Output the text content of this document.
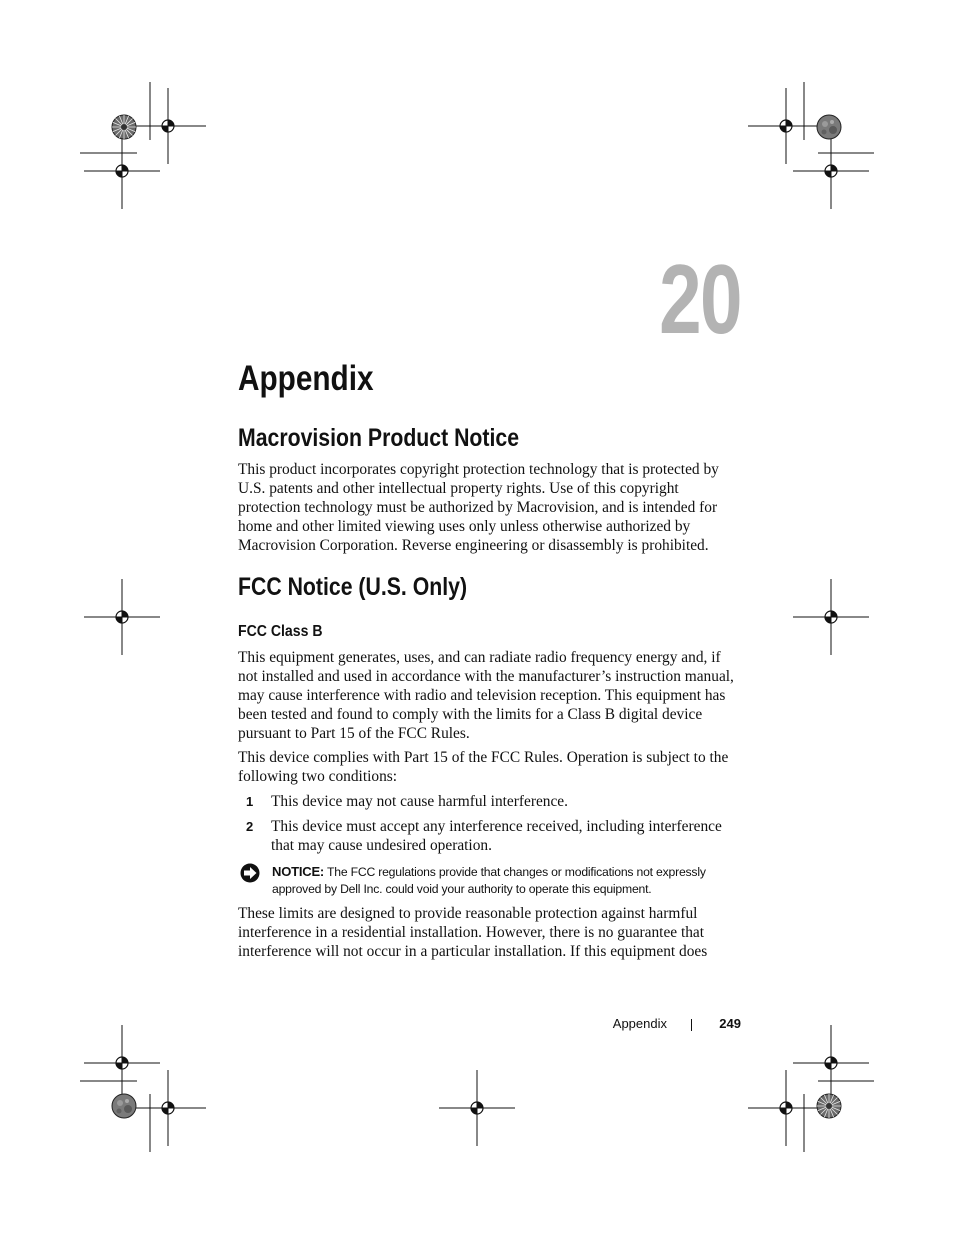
20
Appendix
Macrovision Product Notice

This product incorporates copyright protection technology that is protected by U.S. patents and other intellectual property rights. Use of this copyright protection technology must be authorized by Macrovision, and is intended for home and other limited viewing uses only unless otherwise authorized by Macrovision Corporation. Reverse engineering or disassembly is prohibited.

FCC Notice (U.S. Only)
FCC Class B

This equipment generates, uses, and can radiate radio frequency energy and, if not installed and used in accordance with the manufacturer’s instruction manual, may cause interference with radio and television reception. This equipment has been tested and found to comply with the limits for a Class B digital device pursuant to Part 15 of the FCC Rules.

This device complies with Part 15 of the FCC Rules. Operation is subject to the following two conditions:

1	This device may not cause harmful interference.
2	This device must accept any interference received, including interference that may cause undesired operation.
NOTICE: The FCC regulations provide that changes or modifications not expressly approved by Dell Inc. could void your authority to operate this equipment.

These limits are designed to provide reasonable protection against harmful interference in a residential installation. However, there is no guarantee that interference will not occur in a particular installation. If this equipment does

Appendix	249
